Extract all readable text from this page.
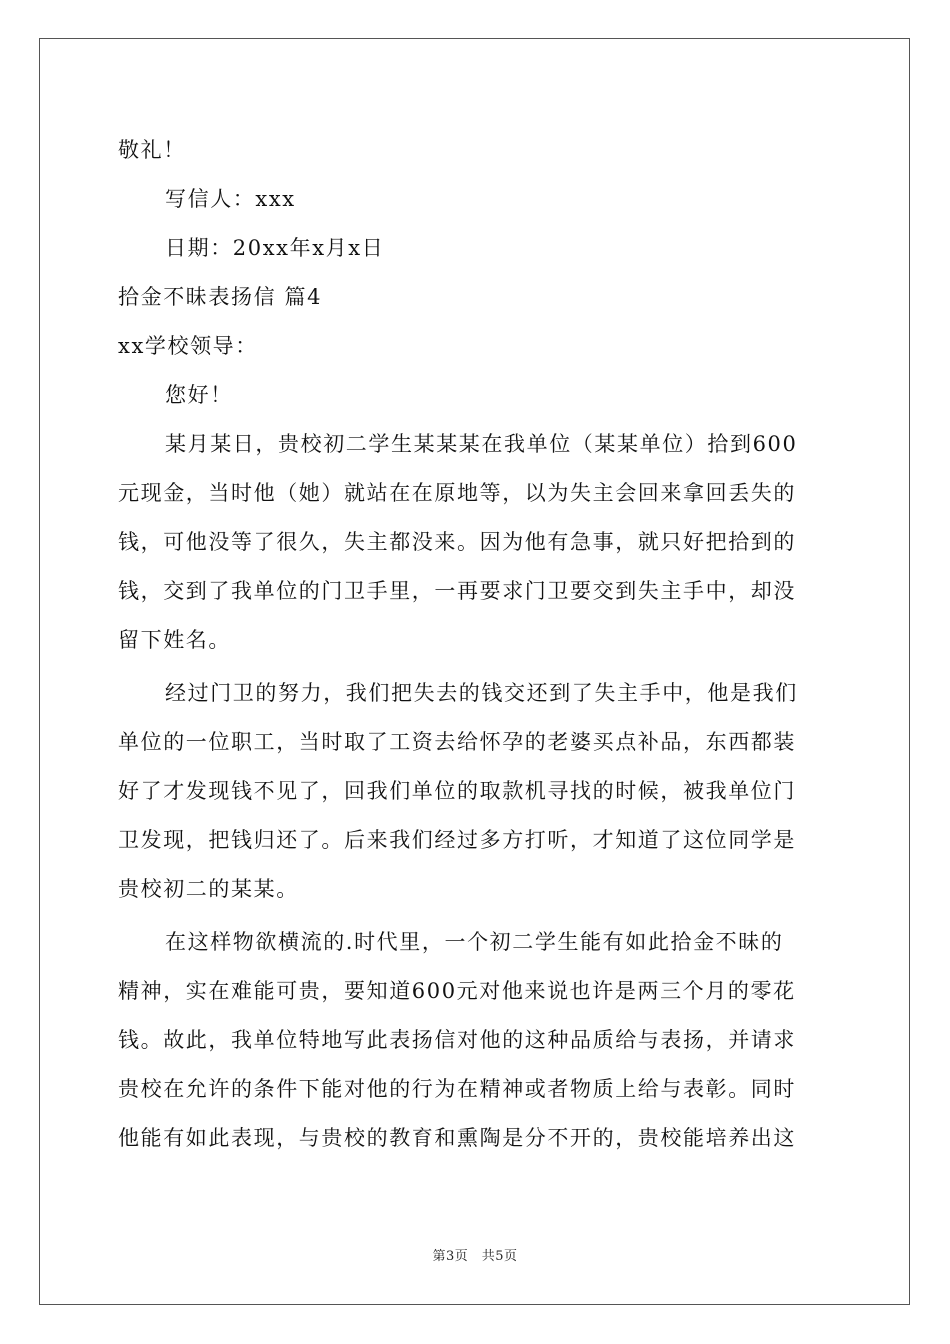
敬礼！
写信人：xxx
日期：20xx年x月x日
拾金不昧表扬信 篇4
xx学校领导：
您好！
某月某日，贵校初二学生某某某在我单位（某某单位）拾到600
元现金，当时他（她）就站在在原地等，以为失主会回来拿回丢失的
钱，可他没等了很久，失主都没来。因为他有急事，就只好把拾到的
钱，交到了我单位的门卫手里，一再要求门卫要交到失主手中，却没
留下姓名。
经过门卫的努力，我们把失去的钱交还到了失主手中，他是我们
单位的一位职工，当时取了工资去给怀孕的老婆买点补品，东西都装
好了才发现钱不见了，回我们单位的取款机寻找的时候，被我单位门
卫发现，把钱归还了。后来我们经过多方打听，才知道了这位同学是
贵校初二的某某。
在这样物欲横流的.时代里，一个初二学生能有如此拾金不昧的
精神，实在难能可贵，要知道600元对他来说也许是两三个月的零花
钱。故此，我单位特地写此表扬信对他的这种品质给与表扬，并请求
贵校在允许的条件下能对他的行为在精神或者物质上给与表彰。同时
他能有如此表现，与贵校的教育和熏陶是分不开的，贵校能培养出这
第3页　共5页
